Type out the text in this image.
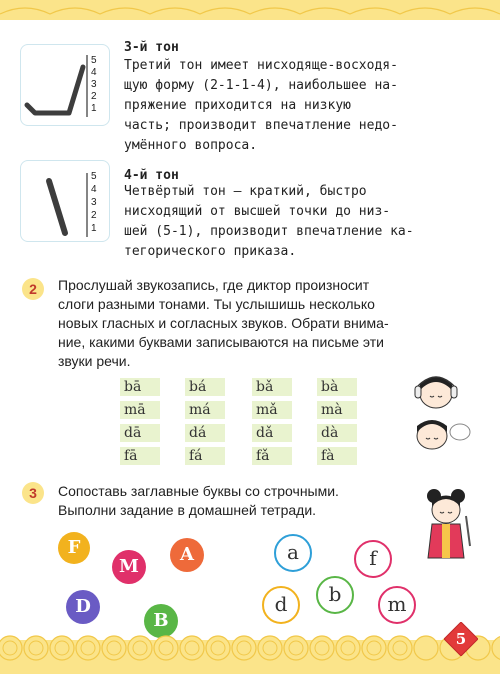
5
4
3
2
1
3-й тон
Третий тон имеет нисходяще-восходя-
щую форму (2-1-1-4), наибольшее на-
пряжение приходится на низкую
часть; производит впечатление недо-
умённого вопроса.
5
4
3
2
1
4-й тон
Четвёртый тон — краткий, быстро
нисходящий от высшей точки до низ-
шей (5-1), производит впечатление ка-
тегорического приказа.
2	Прослушай звукозапись, где диктор произносит
слоги разными тонами. Ты услышишь несколько
новых гласных и согласных звуков. Обрати внима-
ние, какими буквами записываются на письме эти
звуки речи.
bā	bá	bǎ	bà
mā	má	mǎ	mà
dā	dá	dǎ	dà
fā	fá	fǎ	fà
3	Сопоставь заглавные буквы со строчными.
Выполни задание в домашней тетради.
F
M
A
D
B
a	f
b
d	m
5
